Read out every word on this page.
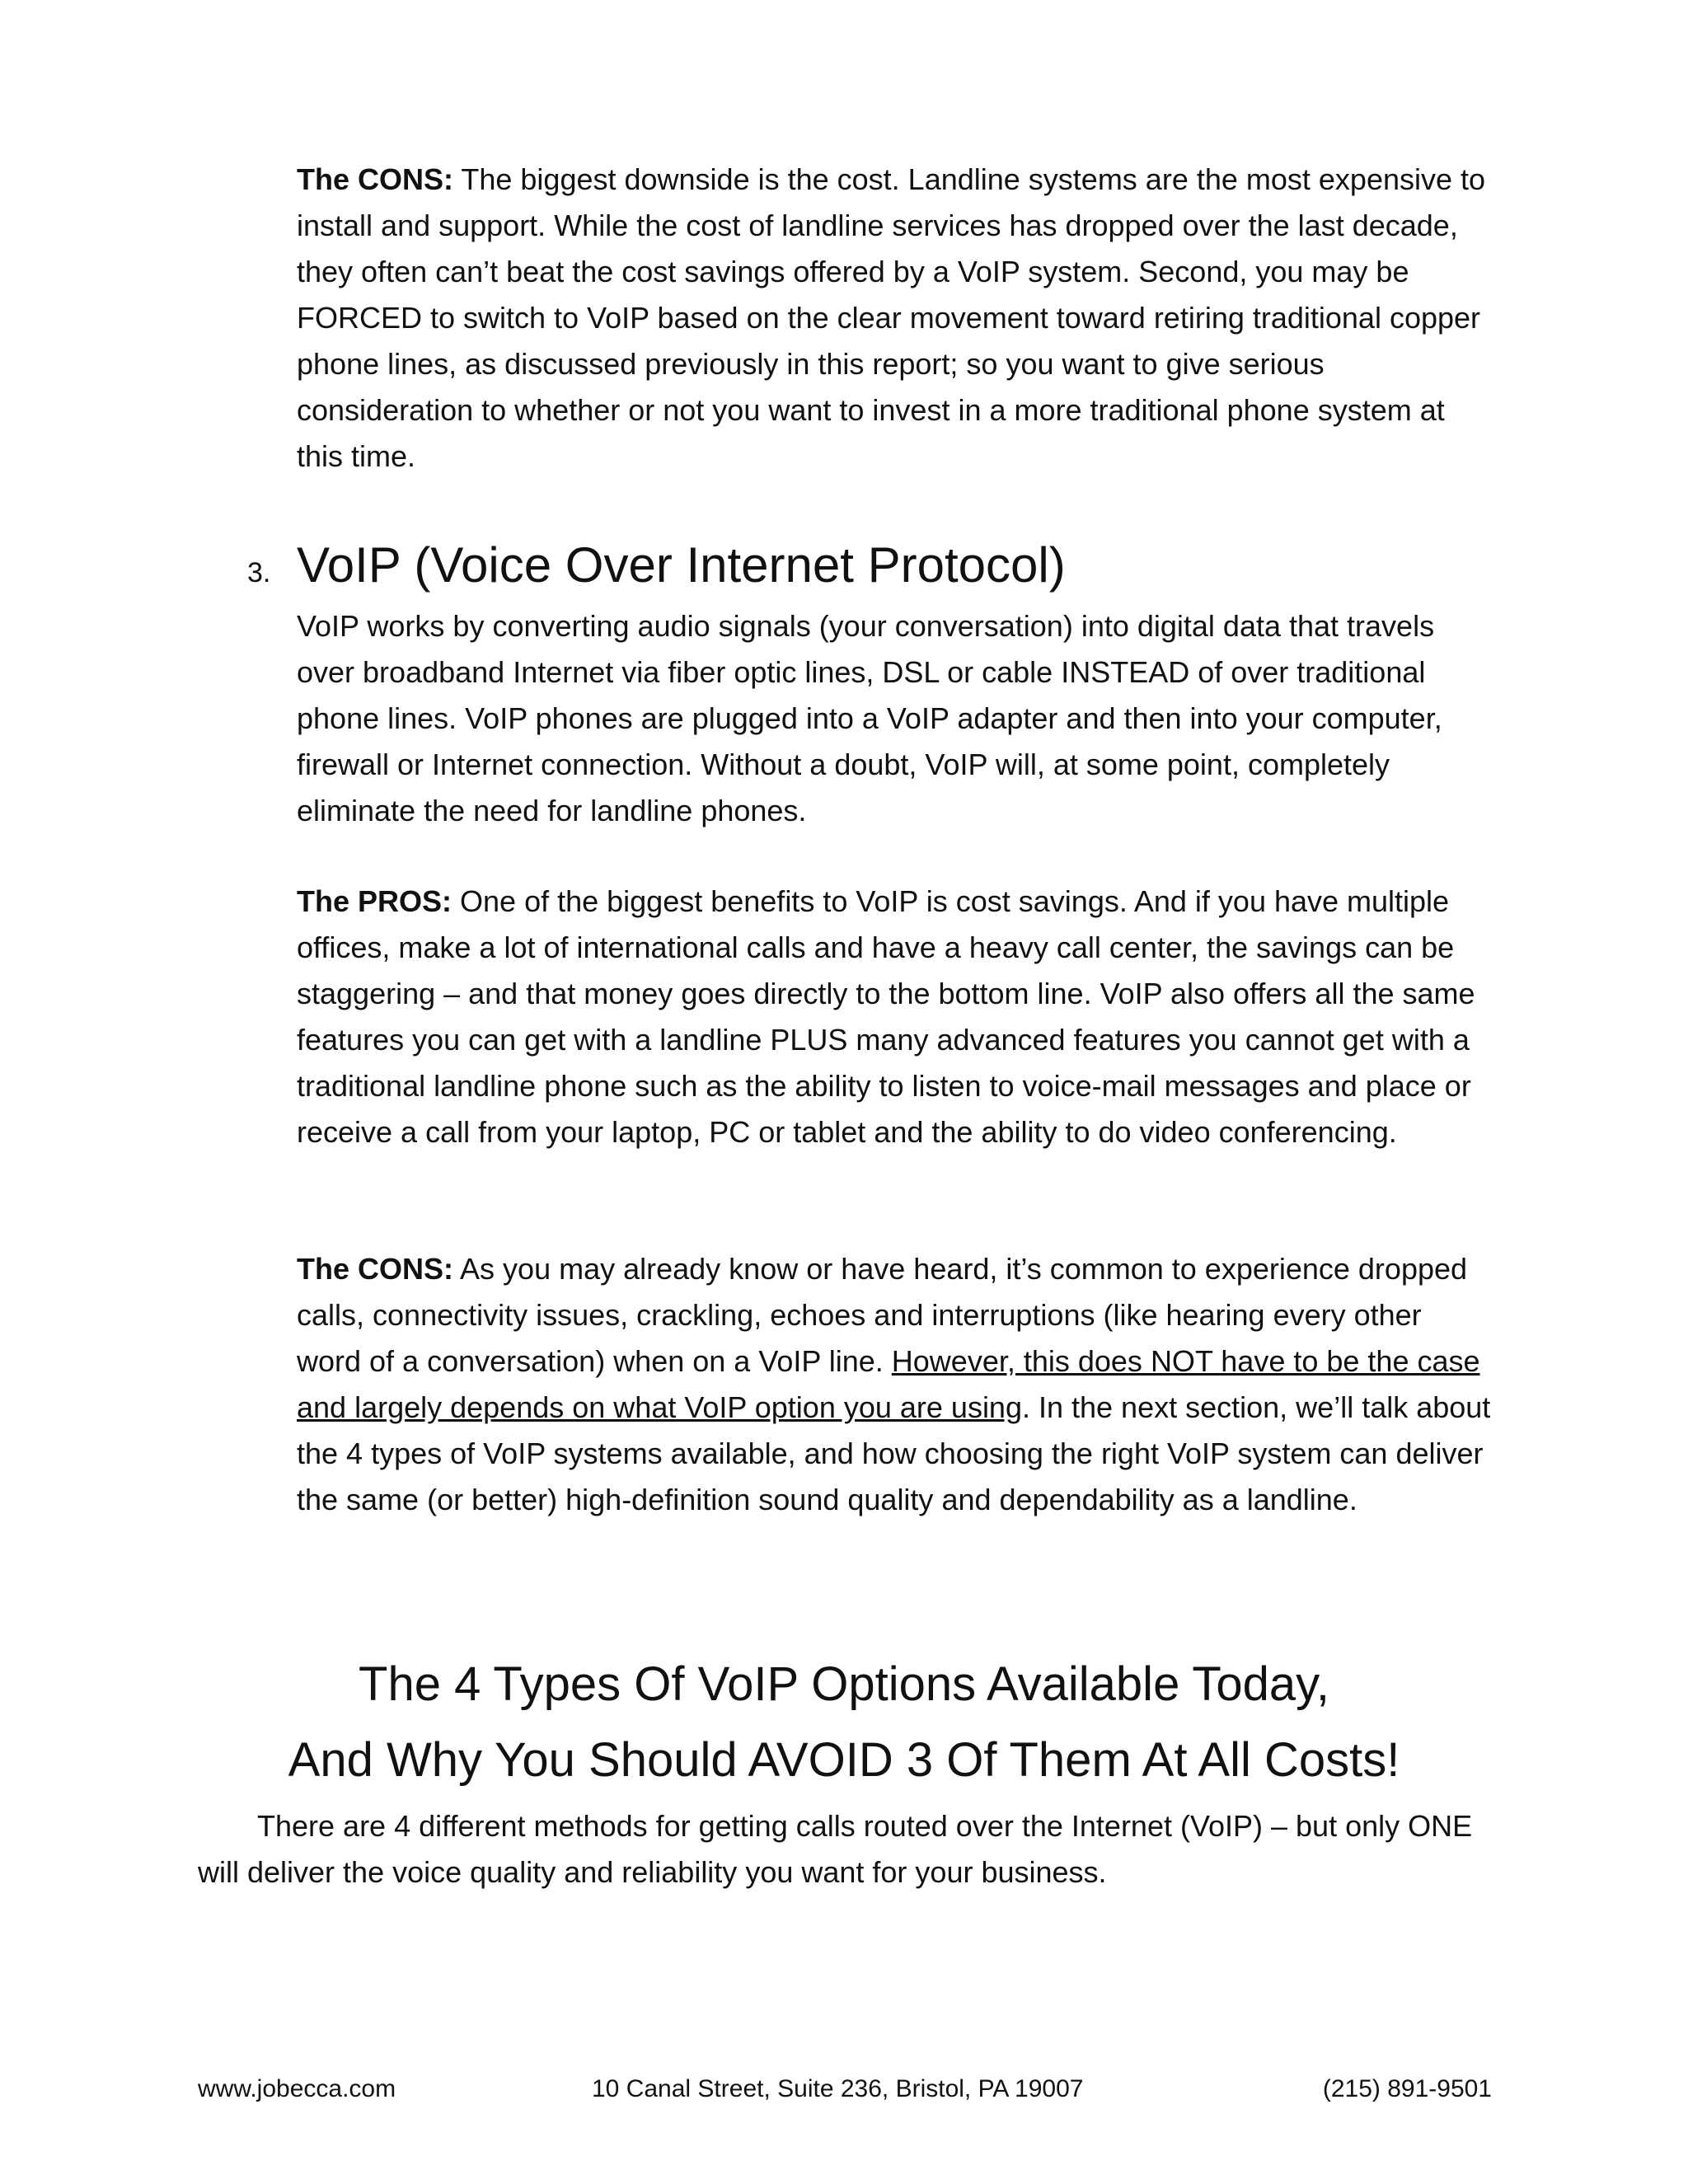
The CONS: The biggest downside is the cost. Landline systems are the most expensive to install and support. While the cost of landline services has dropped over the last decade, they often can’t beat the cost savings offered by a VoIP system. Second, you may be FORCED to switch to VoIP based on the clear movement toward retiring traditional copper phone lines, as discussed previously in this report; so you want to give serious consideration to whether or not you want to invest in a more traditional phone system at this time.

3. VoIP (Voice Over Internet Protocol)

VoIP works by converting audio signals (your conversation) into digital data that travels over broadband Internet via fiber optic lines, DSL or cable INSTEAD of over traditional phone lines. VoIP phones are plugged into a VoIP adapter and then into your computer, firewall or Internet connection. Without a doubt, VoIP will, at some point, completely eliminate the need for landline phones.

The PROS: One of the biggest benefits to VoIP is cost savings. And if you have multiple offices, make a lot of international calls and have a heavy call center, the savings can be staggering – and that money goes directly to the bottom line. VoIP also offers all the same features you can get with a landline PLUS many advanced features you cannot get with a traditional landline phone such as the ability to listen to voice-mail messages and place or receive a call from your laptop, PC or tablet and the ability to do video conferencing.

The CONS: As you may already know or have heard, it’s common to experience dropped calls, connectivity issues, crackling, echoes and interruptions (like hearing every other word of a conversation) when on a VoIP line. However, this does NOT have to be the case and largely depends on what VoIP option you are using. In the next section, we’ll talk about the 4 types of VoIP systems available, and how choosing the right VoIP system can deliver the same (or better) high-definition sound quality and dependability as a landline.

The 4 Types Of VoIP Options Available Today,
And Why You Should AVOID 3 Of Them At All Costs!

There are 4 different methods for getting calls routed over the Internet (VoIP) – but only ONE will deliver the voice quality and reliability you want for your business.

www.jobecca.com	10 Canal Street, Suite 236, Bristol, PA 19007	(215) 891-9501
